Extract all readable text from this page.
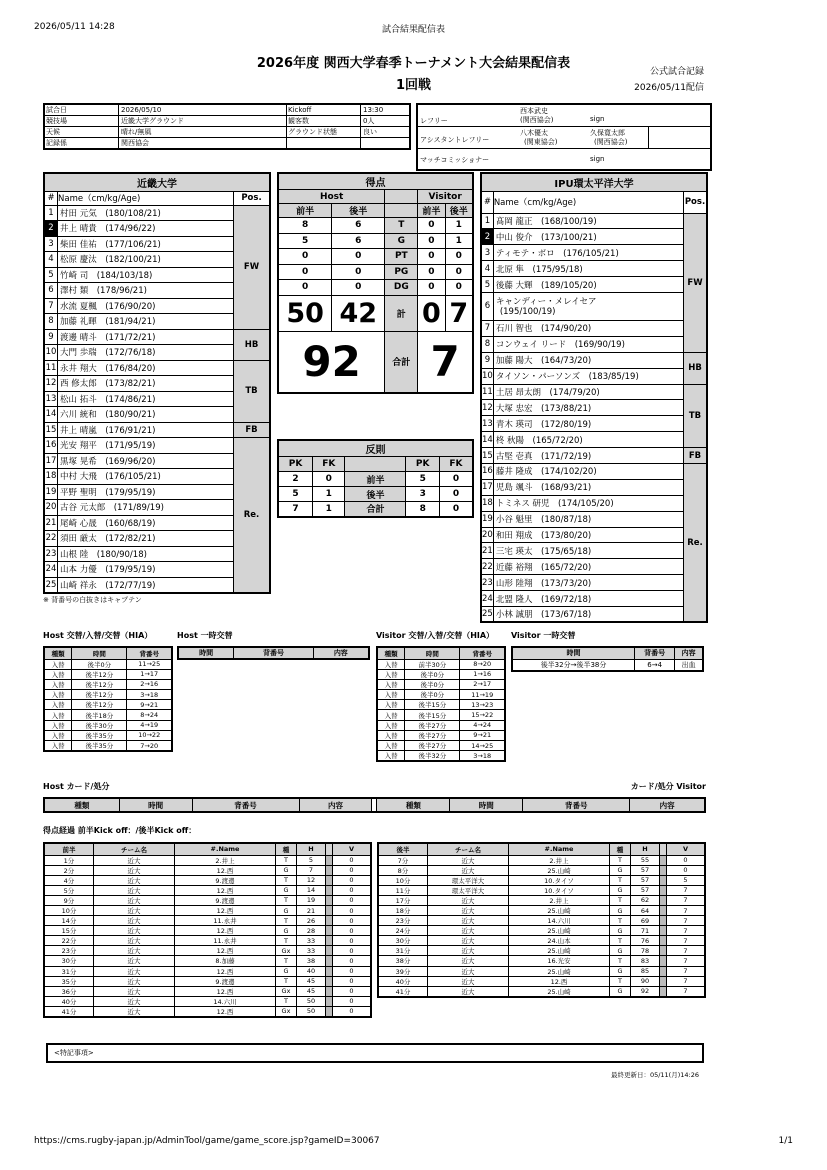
2026/05/11 14:28	試合結果配信表
2026年度 関西大学春季トーナメント大会結果配信表
1回戦
公式試合記録
2026/05/11配信
試合日	2026/05/10	Kickoff	13:30
競技場	近畿大学グラウンド	観客数	0人
天候	晴れ/無風	グラウンド状態	良い
記録係	関西協会		
レフリー
西本武史
(関西協会)	sign
アシスタントレフリー
八木優太
(関東協会)
久保寛太郎
(関西協会)
マッチコミッショナー	sign
近畿大学		
#	Name（cm/kg/Age)	Pos.
1	村田 元気　(180/108/21)	FW
2	井上 晴貴　(174/96/22)	
3	柴田 佳祐　(177/106/21)	
4	松原 慶汰　(182/100/21)	
5	竹崎 司　(184/103/18)	
6	澤村 類　(178/96/21)	
7	水流 夏楓　(176/90/20)	
8	加藤 礼暉　(181/94/21)	
9	渡邊 晴斗　(171/72/21)	HB
10	大門 歩瑞　(172/76/18)	
11	永井 翔大　(176/84/20)	TB
12	西 修太郎　(173/82/21)	
13	松山 拓斗　(174/86/21)	
14	六川 統和　(180/90/21)	
15	井上 晴嵐　(176/91/21)	FB
16	光安 翔平　(171/95/19)	Re.
17	黒塚 晃希　(169/96/20)	
18	中村 大飛　(176/105/21)	
19	平野 聖明　(179/95/19)	
20	古谷 元太郎　(171/89/19)	
21	尾崎 心晟　(160/68/19)	
22	須田 厳太　(172/82/21)	
23	山根 陸　(180/90/18)	
24	山本 力優　(179/95/19)	
25	山崎 祥永　(172/77/19)	
得点				
Host			Visitor	
前半	後半		前半	後半
8	6	T	0	1
5	6	G	0	1
0	0	PT	0	0
0	0	PG	0	0
0	0	DG	0	0
50	42	計	0	7
92		合計	7	
反則				
PK	FK		PK	FK
2	0	前半	5	0
5	1	後半	3	0
7	1	合計	8	0
IPU環太平洋大学		
#	Name（cm/kg/Age)	Pos.
1	髙岡 龍正　(168/100/19)	FW
2	中山 俊介　(173/100/21)	
3	ティモテ・ボロ　(176/105/21)	
4	北原 隼　(175/95/18)	
5	後藤 大輝　(189/105/20)	
6	キャンディー・メレイセア
(195/100/19)	
7	石川 智也　(174/90/20)	
8	コンウェイ リード　(169/90/19)	
9	加藤 陽大　(164/73/20)	HB
10	タイソン・パーソンズ　(183/85/19)	
11	土居 昂太朗　(174/79/20)	TB
12	大塚 忠宏　(173/88/21)	
13	青木 瑛司　(172/80/19)	
14	柊 秋陽　(165/72/20)	
15	古堅 壱真　(171/72/19)	FB
16	藤井 隆成　(174/102/20)	Re.
17	児島 颯斗　(168/93/21)	
18	トミネス 研児　(174/105/20)	
19	小谷 魁里　(180/87/18)	
20	和田 翔成　(173/80/20)	
21	三宅 瑛太　(175/65/18)	
22	近藤 裕翔　(165/72/20)	
23	山形 陸翔　(173/73/20)	
24	北盟 隆人　(169/72/18)	
25	小林 誠朋　(173/67/18)	
※ 背番号の白抜きはキャプテン
Host 交替/入替/交替（HIA）	Host 一時交替	Visitor 交替/入替/交替（HIA） Visitor 一時交替
種類	時間	背番号
入替	後半0分	11→25
入替	後半12分	1→17
入替	後半12分	2→16
入替	後半12分	3→18
入替	後半12分	9→21
入替	後半18分	8→24
入替	後半30分	4→19
入替	後半35分	10→22
入替	後半35分	7→20
時間	背番号	内容	種類	時間	背番号
入替	前半30分	8→20
入替	後半0分	1→16
入替	後半0分	2→17
入替	後半0分	11→19
入替	後半15分	13→23
入替	後半15分	15→22
入替	後半27分	4→24
入替	後半27分	9→21
入替	後半27分	14→25
入替	後半32分	3→18
時間	背番号	内容
後半32分→後半38分	6→4	出血
Host カード/処分	カード/処分 Visitor
種類	時間	背番号	内容		種類	時間	背番号	内容
得点経過 前半Kick off：/後半Kick off：
前半	チーム名	#.Name	種	H		V
1分	近大	2.井上	T	5		0
2分	近大	12.西	G	7		0
4分	近大	9.渡邊	T	12		0
5分	近大	12.西	G	14		0
9分	近大	9.渡邊	T	19		0
10分	近大	12.西	G	21		0
14分	近大	11.永井	T	26		0
15分	近大	12.西	G	28		0
22分	近大	11.永井	T	33		0
23分	近大	12.西	Gx	33		0
30分	近大	8.加藤	T	38		0
31分	近大	12.西	G	40		0
35分	近大	9.渡邊	T	45		0
36分	近大	12.西	Gx	45		0
40分	近大	14.六川	T	50		0
41分	近大	12.西	Gx	50		0
後半	チーム名	#.Name	種	H		V
7分	近大	2.井上	T	55		0
8分	近大	25.山崎	G	57		0
10分	環太平洋大	10.タイソ	T	57		5
11分	環太平洋大	10.タイソ	G	57		7
17分	近大	2.井上	T	62		7
18分	近大	25.山崎	G	64		7
23分	近大	14.六川	T	69		7
24分	近大	25.山崎	G	71		7
30分	近大	24.山本	T	76		7
31分	近大	25.山崎	G	78		7
38分	近大	16.光安	T	83		7
39分	近大	25.山崎	G	85		7
40分	近大	12.西	T	90		7
41分	近大	25.山崎	G	92		7
<特記事項>
最終更新日：05/11(月)14:26
https://cms.rugby-japan.jp/AdminTool/game/game_score.jsp?gameID=30067	1/1
